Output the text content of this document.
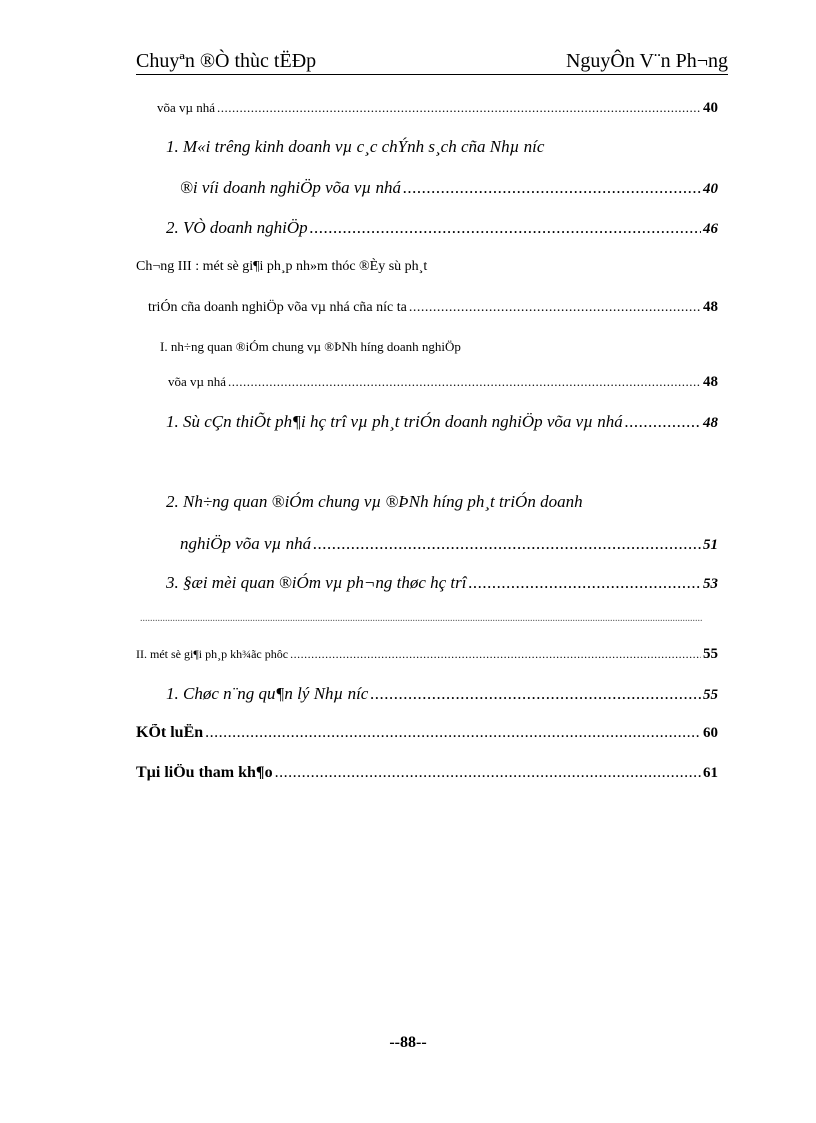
Chuyªn ®Ò thùc tËÐp	NguyÔn V¨n Ph¬ng
võa vµ nhá .....	40
1. M«i trêng kinh doanh vµ c¸c chÝnh s¸ch cña Nhµ níc
®i víi doanh nghiÖp võa vµ nhá .....	40
2. VÒ doanh nghiÖp .....	46
Ch¬ng III : mét sè gi¶i ph¸p nh»m thóc ®Èy sù ph¸t
triÓn cña doanh nghiÖp võa vµ nhá cña níc ta .....	48
I. nh÷ng quan ®iÓm chung vµ ®ÞNh híng doanh nghiÖp
võa vµ nhá .....	48
1. Sù cÇn thiÕt ph¶i hç trî vµ ph¸t triÓn doanh nghiÖp võa vµ nhá .....	48
2. Nh÷ng quan ®iÓm chung vµ ®ÞNh híng ph¸t triÓn doanh
nghiÖp võa vµ nhá .....	51
3. §æi mèi quan ®iÓm vµ ph¬ng thøc hç trî .....	53
.....
II. mét sè gi¶i ph¸p kh¾ãc phôc .....	55
1. Chøc n¨ng qu¶n lý Nhµ níc .....	55
KÕt luËn .....	60
Tµi liÖu tham kh¶o .....	61
--88--
